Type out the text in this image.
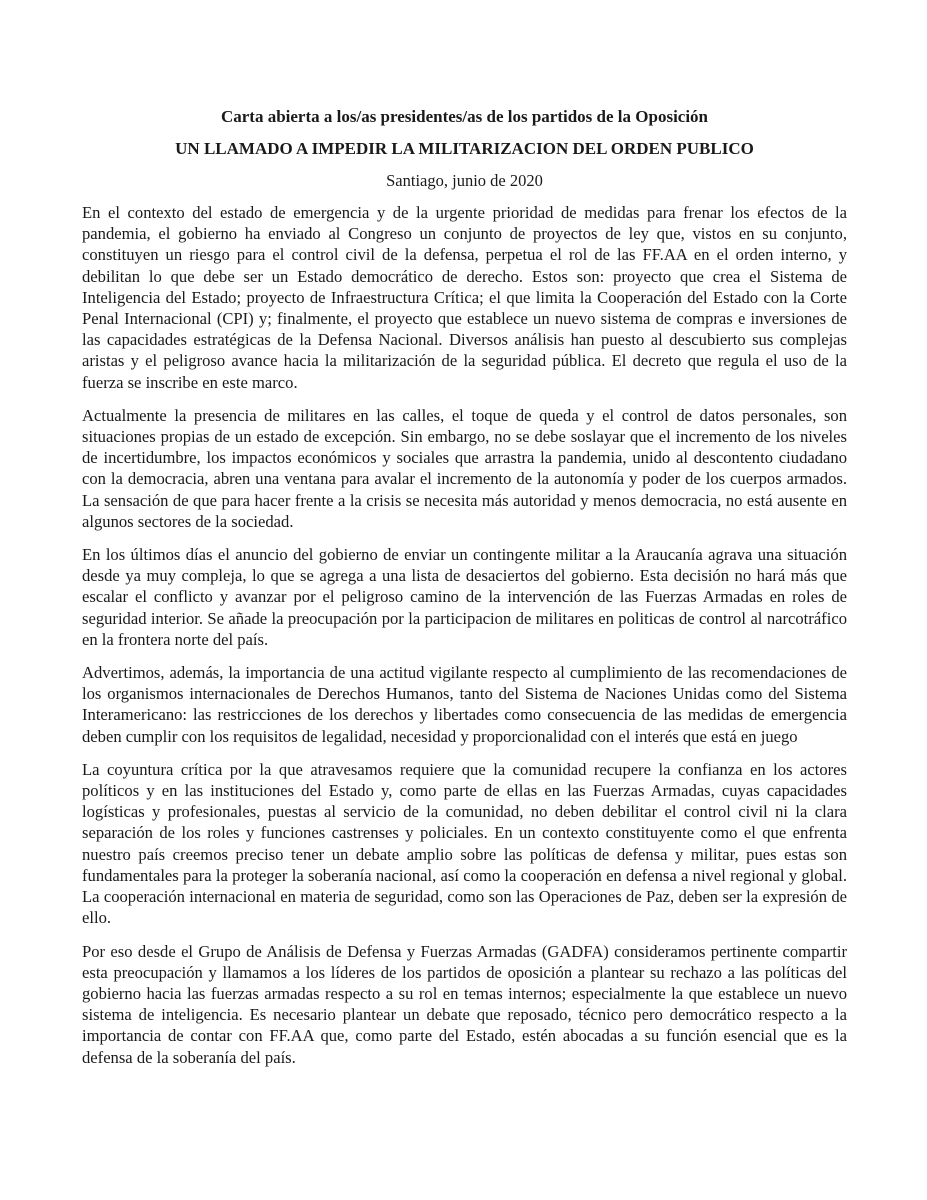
Carta abierta a los/as presidentes/as de los partidos de la Oposición
UN LLAMADO A IMPEDIR LA MILITARIZACION DEL ORDEN PUBLICO

Santiago, junio de 2020

En el contexto del estado de emergencia y de la urgente prioridad de medidas para frenar los efectos de la pandemia, el gobierno ha enviado al Congreso un conjunto de proyectos de ley que, vistos en su conjunto, constituyen un riesgo para el control civil de la defensa, perpetua el rol de las FF.AA en el orden interno, y debilitan lo que debe ser un Estado democrático de derecho. Estos son: proyecto que crea el Sistema de Inteligencia del Estado; proyecto de Infraestructura Crítica; el que limita la Cooperación del Estado con la Corte Penal Internacional (CPI) y; finalmente, el proyecto que establece un nuevo sistema de compras e inversiones de las capacidades estratégicas de la Defensa Nacional. Diversos análisis han puesto al descubierto sus complejas aristas y el peligroso avance hacia la militarización de la seguridad pública. El decreto que regula el uso de la fuerza se inscribe en este marco.

Actualmente la presencia de militares en las calles, el toque de queda y el control de datos personales, son situaciones propias de un estado de excepción. Sin embargo, no se debe soslayar que el incremento de los niveles de incertidumbre, los impactos económicos y sociales que arrastra la pandemia, unido al descontento ciudadano con la democracia, abren una ventana para avalar el incremento de la autonomía y poder de los cuerpos armados. La sensación de que para hacer frente a la crisis se necesita más autoridad y menos democracia, no está ausente en algunos sectores de la sociedad.

En los últimos días el anuncio del gobierno de enviar un contingente militar a la Araucanía agrava una situación desde ya muy compleja, lo que se agrega a una lista de desaciertos del gobierno. Esta decisión no hará más que escalar el conflicto y avanzar por el peligroso camino de la intervención de las Fuerzas Armadas en roles de seguridad interior. Se añade la preocupación por la participacion de militares en politicas de control al narcotráfico en la frontera norte del país.

Advertimos, además, la importancia de una actitud vigilante respecto al cumplimiento de las recomendaciones de los organismos internacionales de Derechos Humanos, tanto del Sistema de Naciones Unidas como del Sistema Interamericano: las restricciones de los derechos y libertades como consecuencia de las medidas de emergencia deben cumplir con los requisitos de legalidad, necesidad y proporcionalidad con el interés que está en juego

La coyuntura crítica por la que atravesamos requiere que la comunidad recupere la confianza en los actores políticos y en las instituciones del Estado y, como parte de ellas en las Fuerzas Armadas, cuyas capacidades logísticas y profesionales, puestas al servicio de la comunidad, no deben debilitar el control civil ni la clara separación de los roles y funciones castrenses y policiales. En un contexto constituyente como el que enfrenta nuestro país creemos preciso tener un debate amplio sobre las políticas de defensa y militar, pues estas son fundamentales para la proteger la soberanía nacional, así como la cooperación en defensa a nivel regional y global. La cooperación internacional en materia de seguridad, como son las Operaciones de Paz, deben ser la expresión de ello.

Por eso desde el Grupo de Análisis de Defensa y Fuerzas Armadas (GADFA) consideramos pertinente compartir esta preocupación y llamamos a los líderes de los partidos de oposición a plantear su rechazo a las políticas del gobierno hacia las fuerzas armadas respecto a su rol en temas internos; especialmente la que establece un nuevo sistema de inteligencia. Es necesario plantear un debate que reposado, técnico pero democrático respecto a la importancia de contar con FF.AA que, como parte del Estado, estén abocadas a su función esencial que es la defensa de la soberanía del país.
